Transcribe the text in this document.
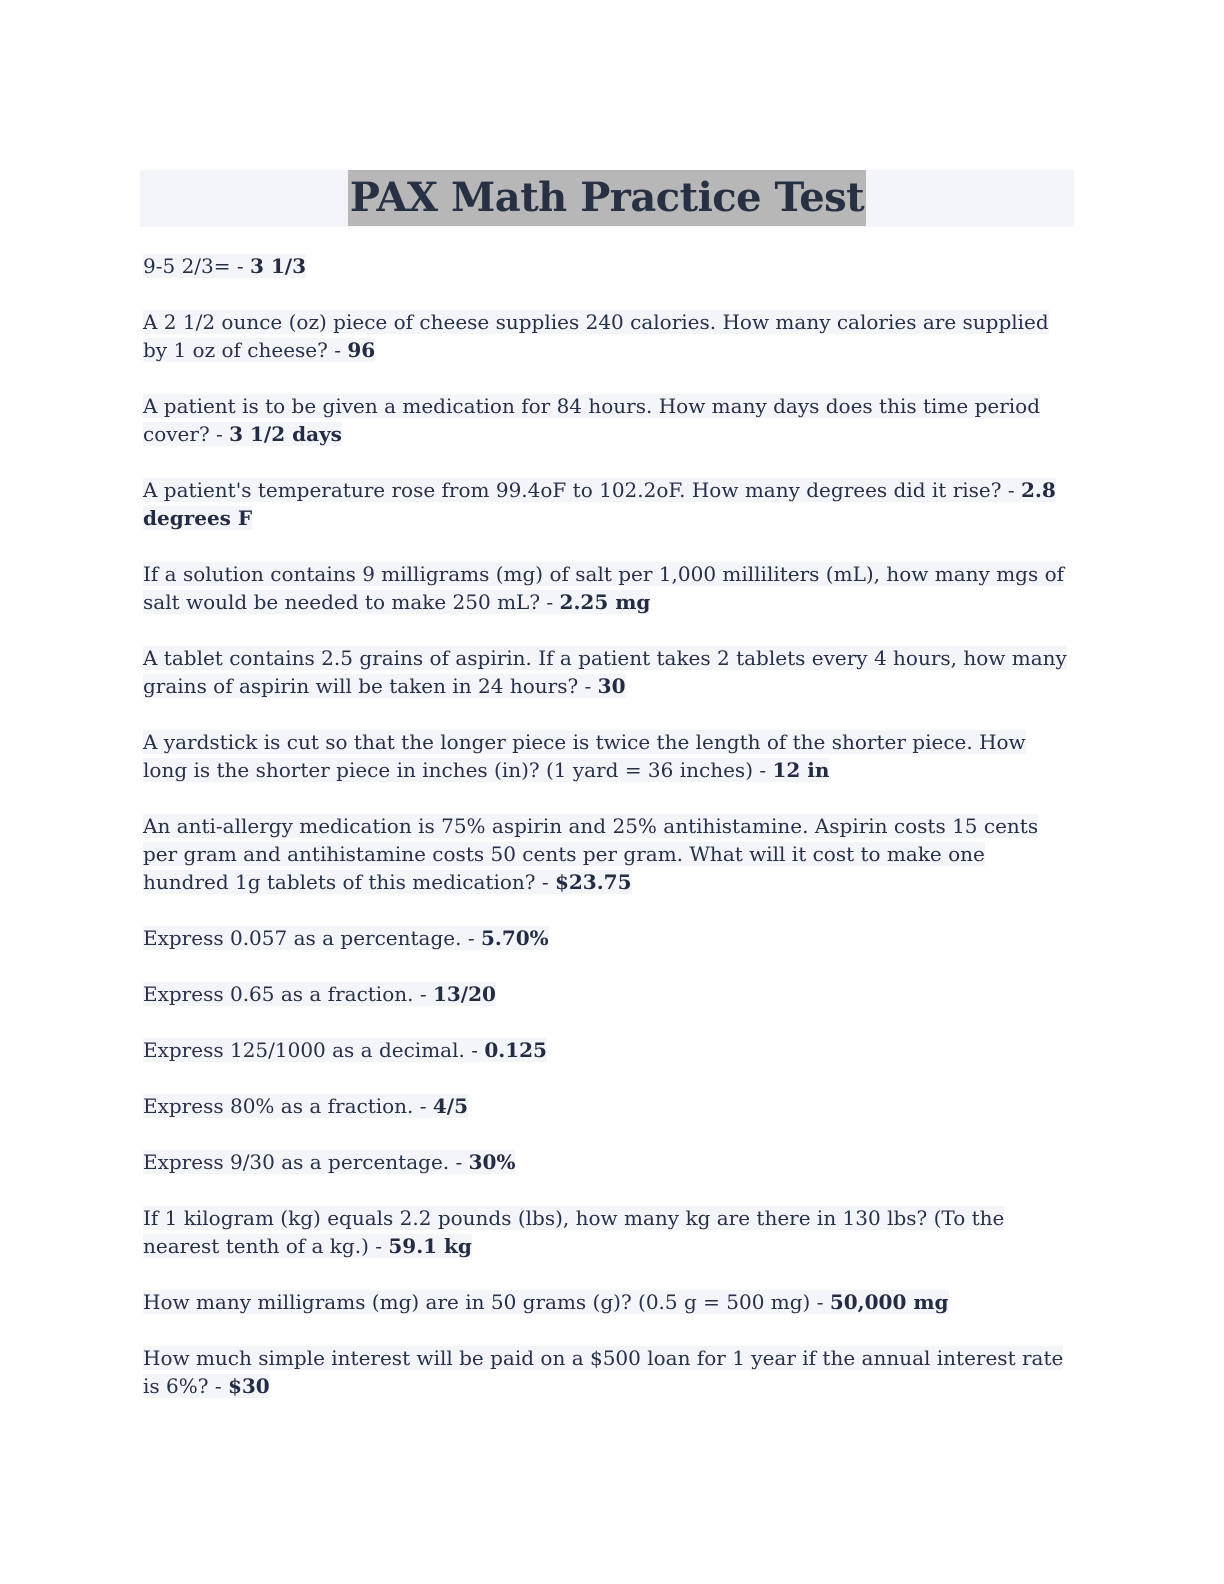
PAX Math Practice Test

9-5 2/3= - 3 1/3

A 2 1/2 ounce (oz) piece of cheese supplies 240 calories. How many calories are supplied by 1 oz of cheese? - 96

A patient is to be given a medication for 84 hours. How many days does this time period cover? - 3 1/2 days

A patient's temperature rose from 99.4oF to 102.2oF. How many degrees did it rise? - 2.8 degrees F

If a solution contains 9 milligrams (mg) of salt per 1,000 milliliters (mL), how many mgs of salt would be needed to make 250 mL? - 2.25 mg

A tablet contains 2.5 grains of aspirin. If a patient takes 2 tablets every 4 hours, how many grains of aspirin will be taken in 24 hours? - 30

A yardstick is cut so that the longer piece is twice the length of the shorter piece. How long is the shorter piece in inches (in)? (1 yard = 36 inches) - 12 in

An anti-allergy medication is 75% aspirin and 25% antihistamine. Aspirin costs 15 cents per gram and antihistamine costs 50 cents per gram. What will it cost to make one hundred 1g tablets of this medication? - $23.75

Express 0.057 as a percentage. - 5.70%

Express 0.65 as a fraction. - 13/20

Express 125/1000 as a decimal. - 0.125

Express 80% as a fraction. - 4/5

Express 9/30 as a percentage. - 30%

If 1 kilogram (kg) equals 2.2 pounds (lbs), how many kg are there in 130 lbs? (To the nearest tenth of a kg.) - 59.1 kg

How many milligrams (mg) are in 50 grams (g)? (0.5 g = 500 mg) - 50,000 mg

How much simple interest will be paid on a $500 loan for 1 year if the annual interest rate is 6%? - $30
